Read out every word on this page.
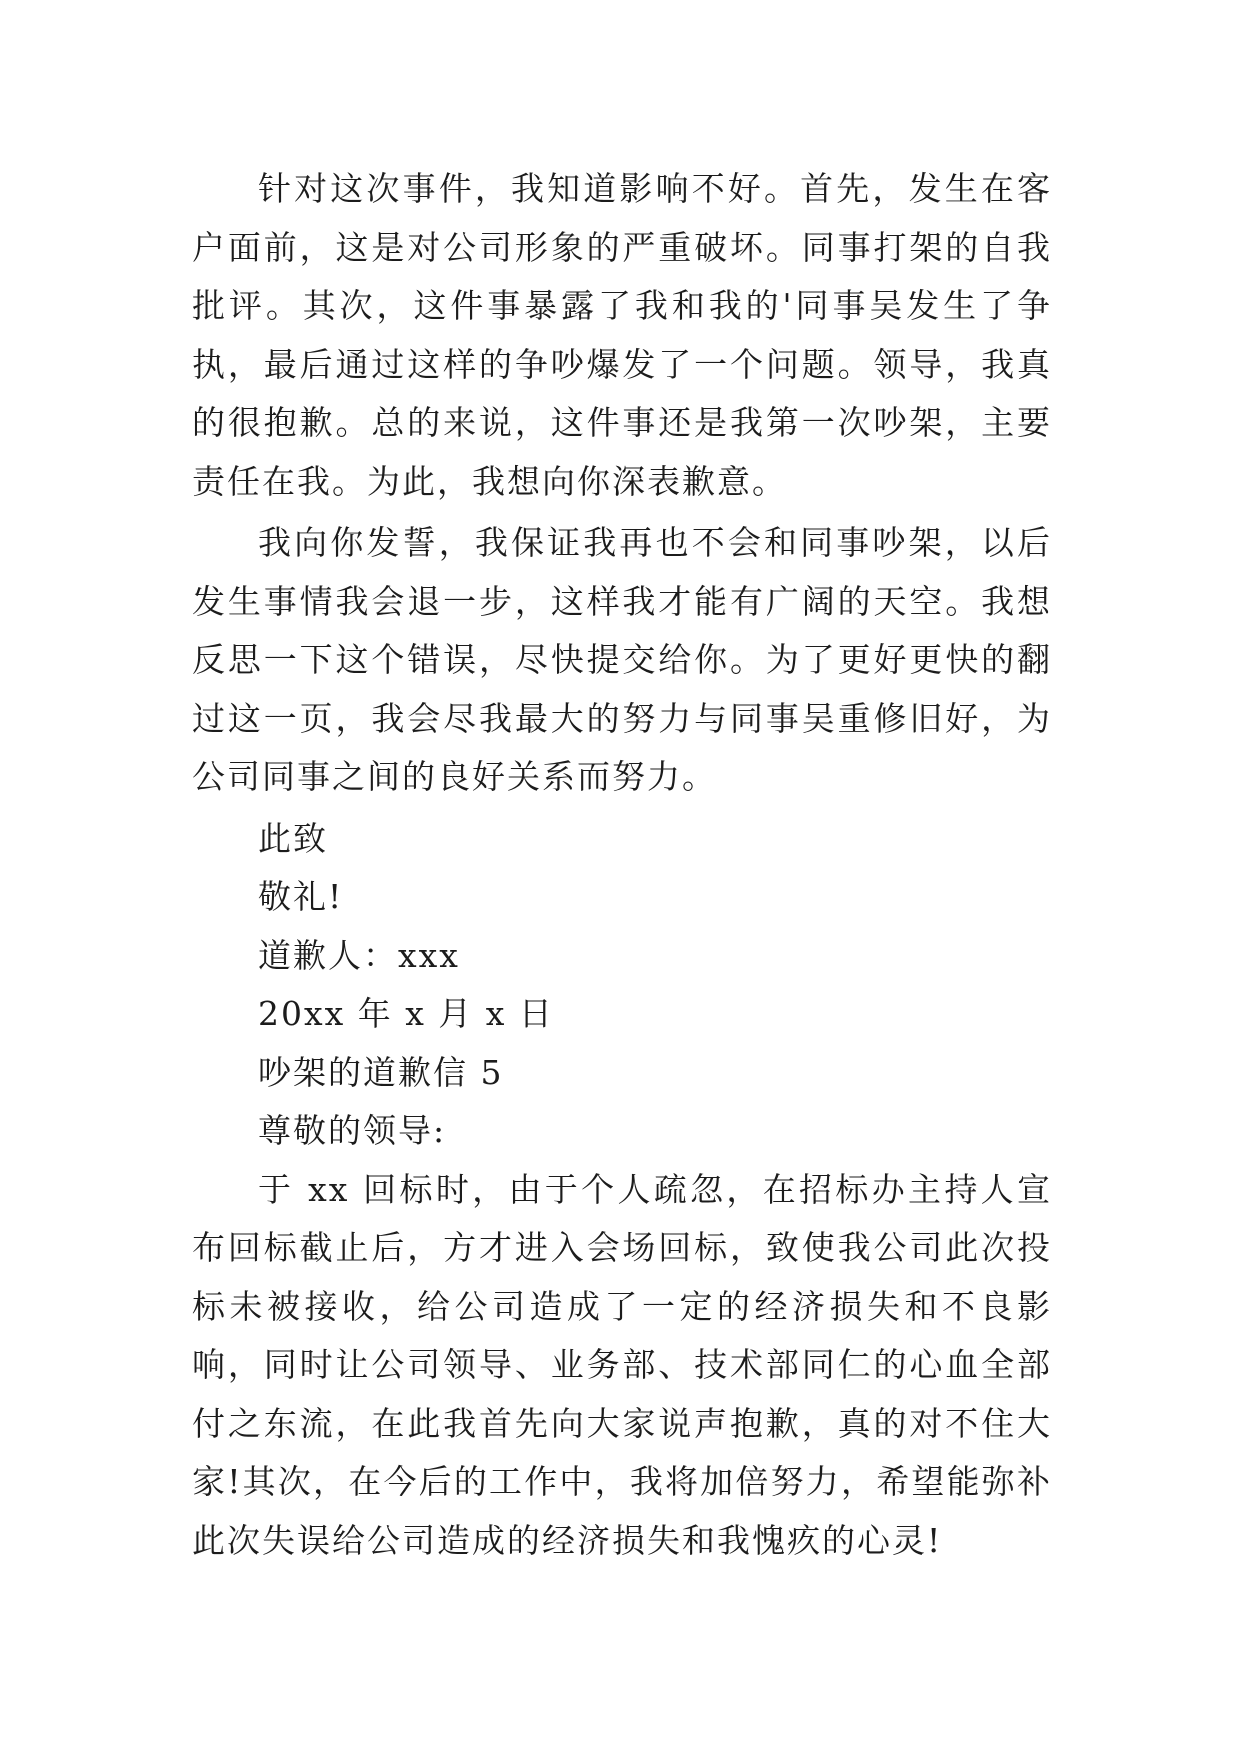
针对这次事件，我知道影响不好。首先，发生在客户面前，这是对公司形象的严重破坏。同事打架的自我批评。其次，这件事暴露了我和我的'同事吴发生了争执，最后通过这样的争吵爆发了一个问题。领导，我真的很抱歉。总的来说，这件事还是我第一次吵架，主要责任在我。为此，我想向你深表歉意。

我向你发誓，我保证我再也不会和同事吵架，以后发生事情我会退一步，这样我才能有广阔的天空。我想反思一下这个错误，尽快提交给你。为了更好更快的翻过这一页，我会尽我最大的努力与同事吴重修旧好，为公司同事之间的良好关系而努力。

此致

敬礼!

道歉人：xxx

20xx 年 x 月 x 日

吵架的道歉信 5

尊敬的领导:

于 xx 回标时，由于个人疏忽，在招标办主持人宣布回标截止后，方才进入会场回标，致使我公司此次投标未被接收，给公司造成了一定的经济损失和不良影响，同时让公司领导、业务部、技术部同仁的心血全部付之东流，在此我首先向大家说声抱歉，真的对不住大家!其次，在今后的工作中，我将加倍努力，希望能弥补此次失误给公司造成的经济损失和我愧疚的心灵!
